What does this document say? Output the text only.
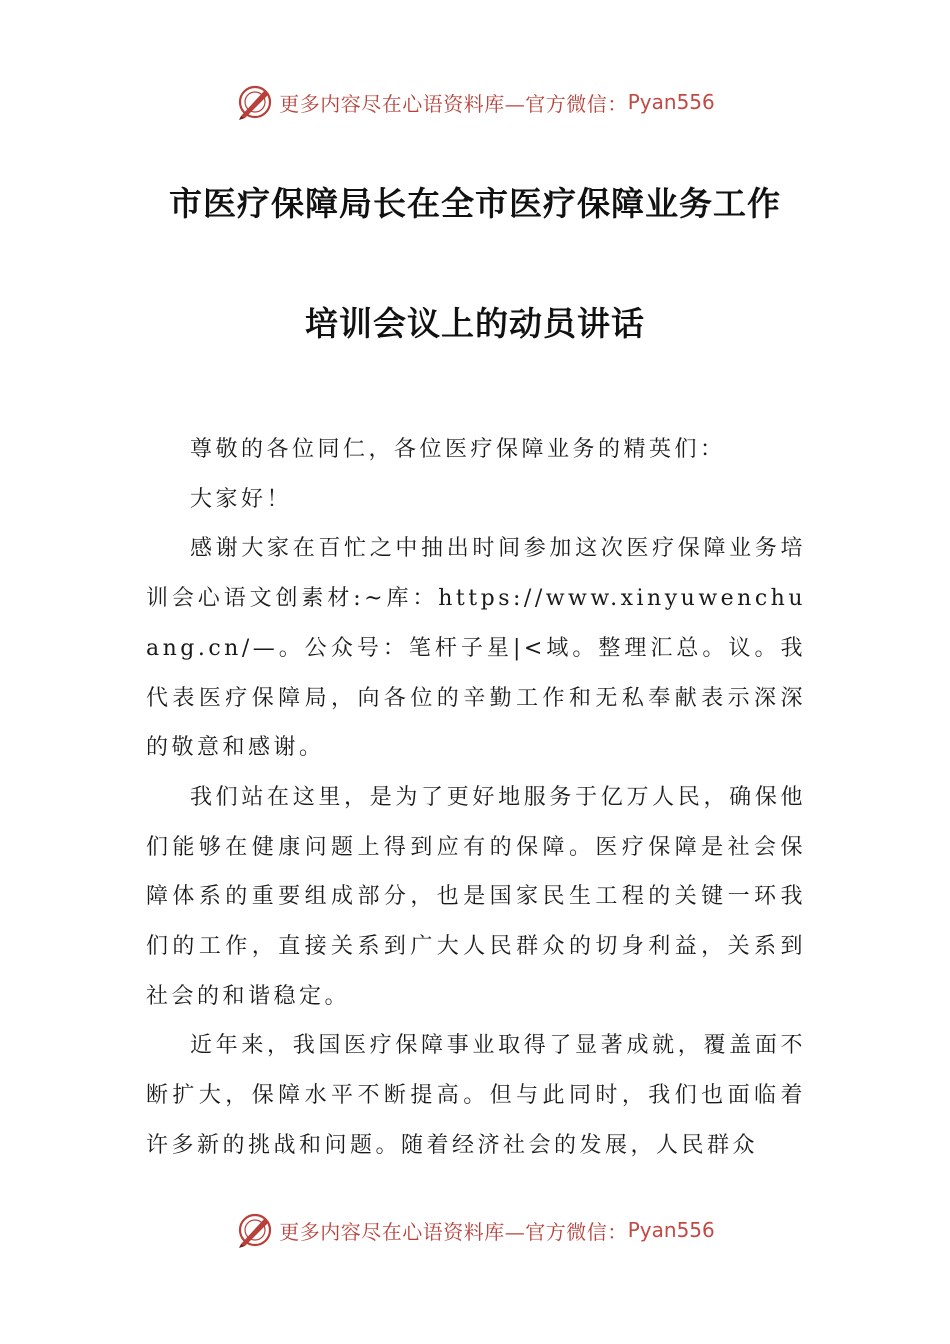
更多内容尽在心语资料库—官方微信： Pyan556
市医疗保障局长在全市医疗保障业务工作
培训会议上的动员讲话

尊敬的各位同仁，各位医疗保障业务的精英们：

大家好！

感谢大家在百忙之中抽出时间参加这次医疗保障业务培训会心语文创素材:~库：https://www.xinyuwenchuang.cn/—。公众号：笔杆子星|<域。整理汇总。议。我代表医疗保障局，向各位的辛勤工作和无私奉献表示深深的敬意和感谢。

我们站在这里，是为了更好地服务于亿万人民，确保他们能够在健康问题上得到应有的保障。医疗保障是社会保障体系的重要组成部分，也是国家民生工程的关键一环我们的工作，直接关系到广大人民群众的切身利益，关系到社会的和谐稳定。

近年来，我国医疗保障事业取得了显著成就，覆盖面不断扩大，保障水平不断提高。但与此同时，我们也面临着许多新的挑战和问题。随着经济社会的发展，人民群众

更多内容尽在心语资料库—官方微信： Pyan556
